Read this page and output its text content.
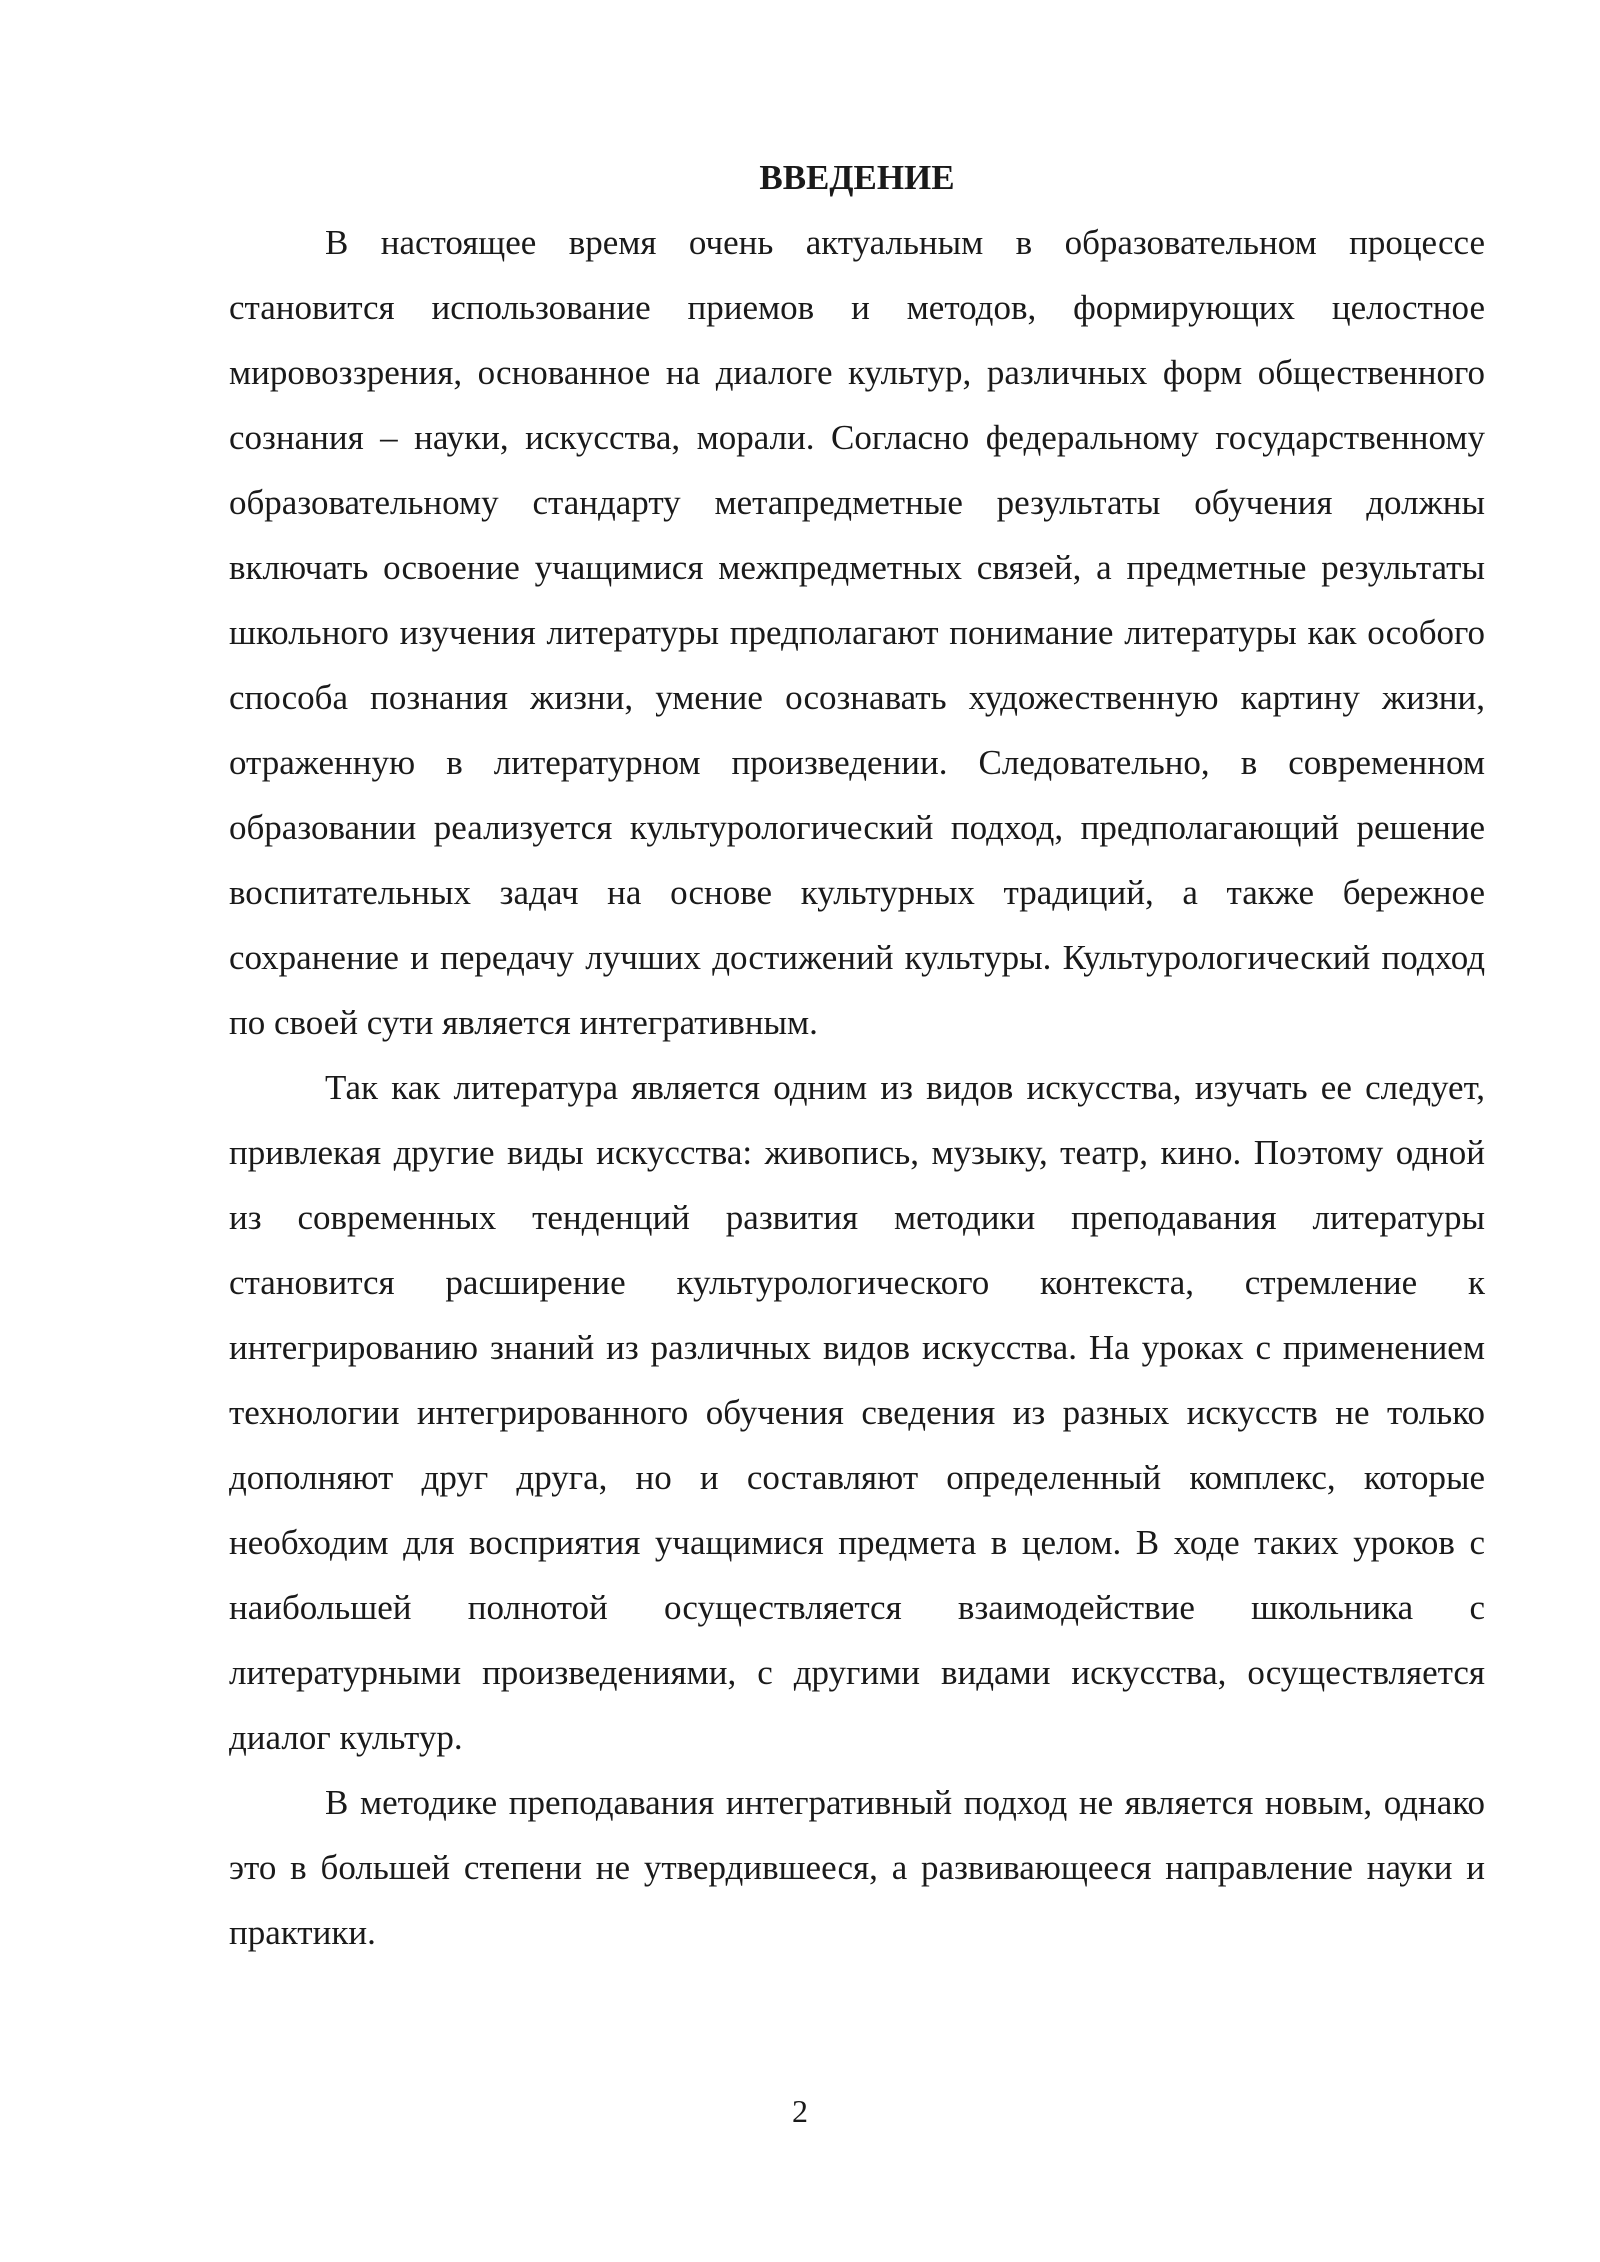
ВВЕДЕНИЕ

В настоящее время очень актуальным в образовательном процессе становится использование приемов и методов, формирующих целостное мировоззрения, основанное на диалоге культур, различных форм общественного сознания – науки, искусства, морали. Согласно федеральному государственному образовательному стандарту метапредметные результаты обучения должны включать освоение учащимися межпредметных связей, а предметные результаты школьного изучения литературы предполагают понимание литературы как особого способа познания жизни, умение осознавать художественную картину жизни, отраженную в литературном произведении. Следовательно, в современном образовании реализуется культурологический подход, предполагающий решение воспитательных задач на основе культурных традиций, а также бережное сохранение и передачу лучших достижений культуры. Культурологический подход по своей сути является интегративным.

Так как литература является одним из видов искусства, изучать ее следует, привлекая другие виды искусства: живопись, музыку, театр, кино. Поэтому одной из современных тенденций развития методики преподавания литературы становится расширение культурологического контекста, стремление к интегрированию знаний из различных видов искусства. На уроках с применением технологии интегрированного обучения сведения из разных искусств не только дополняют друг друга, но и составляют определенный комплекс, которые необходим для восприятия учащимися предмета в целом. В ходе таких уроков с наибольшей полнотой осуществляется взаимодействие школьника с литературными произведениями, с другими видами искусства, осуществляется диалог культур.

В методике преподавания интегративный подход не является новым, однако это в большей степени не утвердившееся, а развивающееся направление науки и практики.

2
